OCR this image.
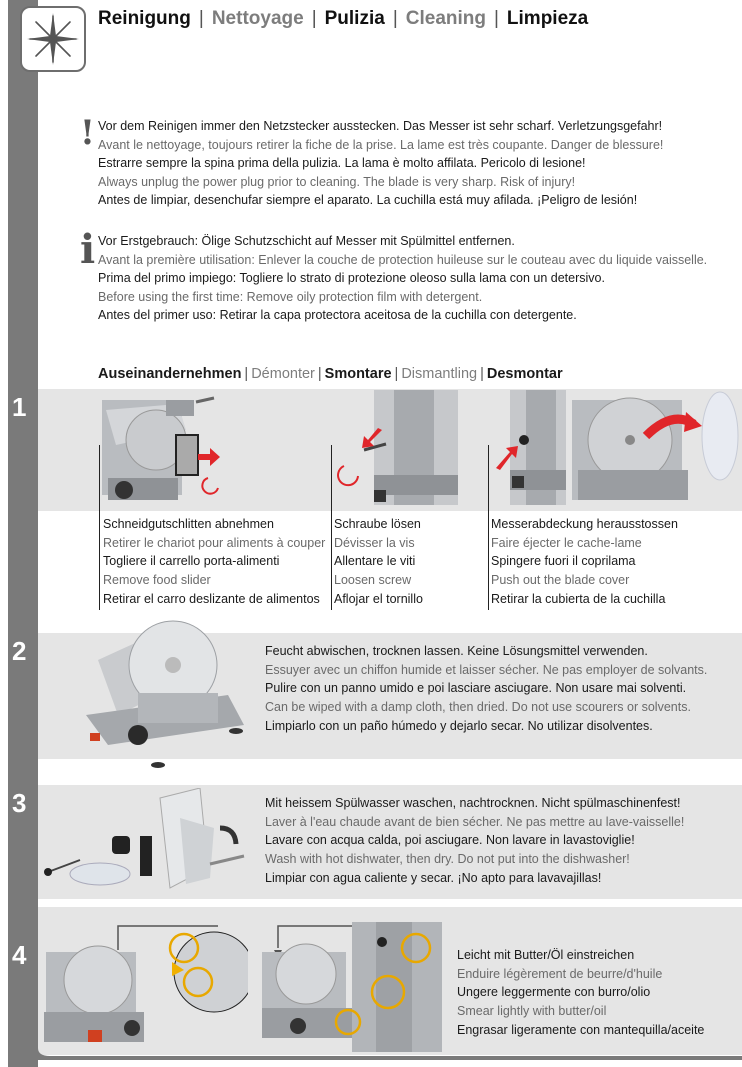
Reinigung | Nettoyage | Pulizia | Cleaning | Limpieza
! Vor dem Reinigen immer den Netzstecker ausstecken. Das Messer ist sehr scharf. Verletzungsgefahr!
Avant le nettoyage, toujours retirer la fiche de la prise. La lame est très coupante. Danger de blessure!
Estrarre sempre la spina prima della pulizia. La lama è molto affilata. Pericolo di lesione!
Always unplug the power plug prior to cleaning. The blade is very sharp. Risk of injury!
Antes de limpiar, desenchufar siempre el aparato. La cuchilla está muy afilada. ¡Peligro de lesión!
i Vor Erstgebrauch: Ölige Schutzschicht auf Messer mit Spülmittel entfernen.
Avant la première utilisation: Enlever la couche de protection huileuse sur le couteau avec du liquide vaisselle.
Prima del primo impiego: Togliere lo strato di protezione oleoso sulla lama con un detersivo.
Before using the first time: Remove oily protection film with detergent.
Antes del primer uso: Retirar la capa protectora aceitosa de la cuchilla con detergente.
Auseinandernehmen | Démonter | Smontare | Dismantling | Desmontar
1
Schneidgutschlitten abnehmen
Retirer le chariot pour aliments à couper
Togliere il carrello porta-alimenti
Remove food slider
Retirar el carro deslizante de alimentos
Schraube lösen
Dévisser la vis
Allentare le viti
Loosen screw
Aflojar el tornillo
Messerabdeckung herausstossen
Faire éjecter le cache-lame
Spingere fuori il coprilama
Push out the blade cover
Retirar la cubierta de la cuchilla
2	Feucht abwischen, trocknen lassen. Keine Lösungsmittel verwenden.
Essuyer avec un chiffon humide et laisser sécher. Ne pas employer de solvants.
Pulire con un panno umido e poi lasciare asciugare. Non usare mai solventi.
Can be wiped with a damp cloth, then dried. Do not use scourers or solvents.
Limpiarlo con un paño húmedo y dejarlo secar. No utilizar disolventes.
3	Mit heissem Spülwasser waschen, nachtrocknen. Nicht spülmaschinenfest!
Laver à l'eau chaude avant de bien sécher. Ne pas mettre au lave-vaisselle!
Lavare con acqua calda, poi asciugare. Non lavare in lavastoviglie!
Wash with hot dishwater, then dry. Do not put into the dishwasher!
Limpiar con agua caliente y secar. ¡No apto para lavavajillas!
4	Leicht mit Butter/Öl einstreichen
Enduire légèrement de beurre/d'huile
Ungere leggermente con burro/olio
Smear lightly with butter/oil
Engrasar ligeramente con mantequilla/aceite
